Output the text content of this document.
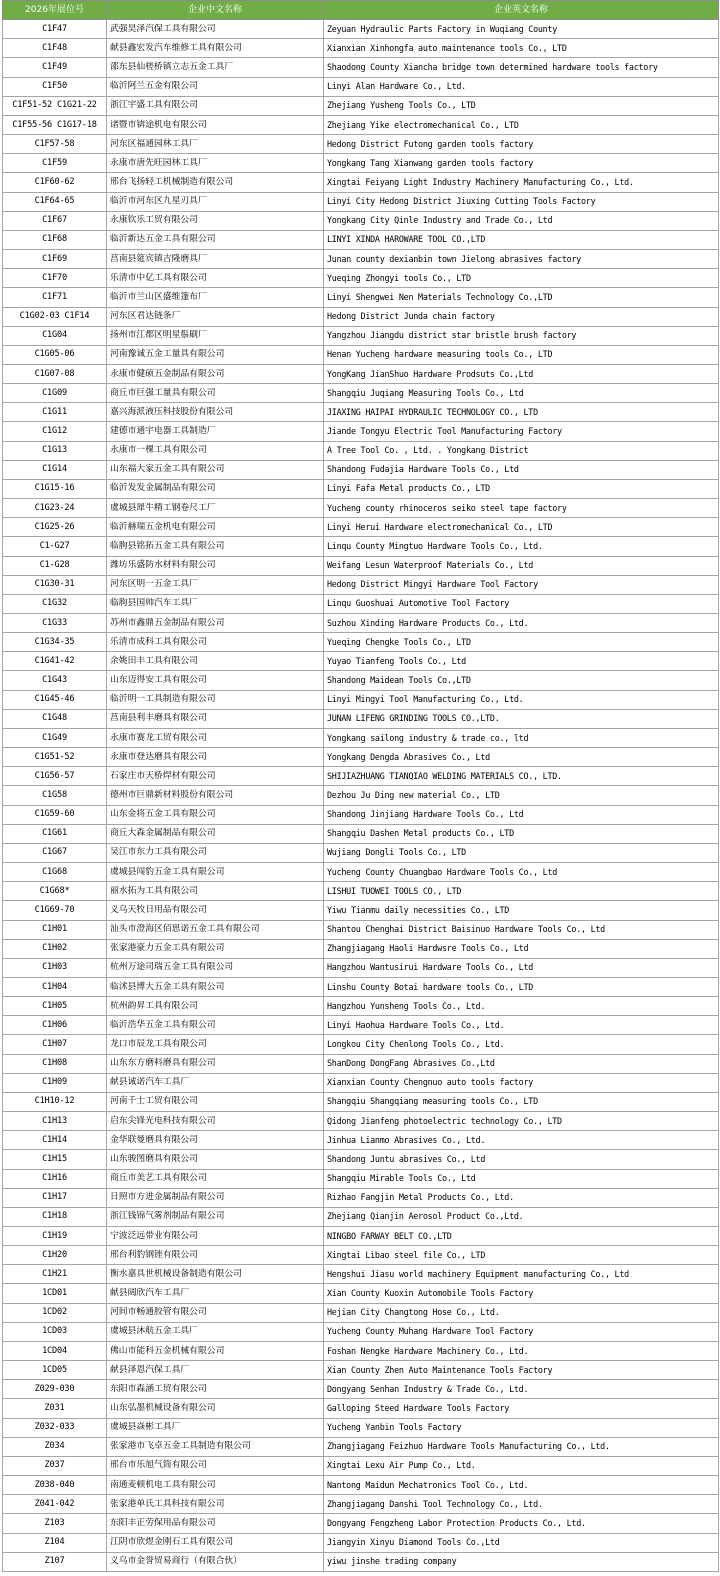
2026年展位号	企业中文名称	企业英文名称
C1F47	武强昊泽汽保工具有限公司	Zeyuan Hydraulic Parts Factory in Wuqiang County
C1F48	献县鑫宏发汽车维修工具有限公司	Xianxian Xinhongfa auto maintenance tools Co., LTD
C1F49	邵东县仙槎桥镇立志五金工具厂	Shaodong County Xiancha bridge town determined hardware tools factory
C1F50	临沂阿兰五金有限公司	Linyi Alan Hardware Co., Ltd.
C1F51-52 C1G21-22	浙江宇盛工具有限公司	Zhejiang Yusheng Tools Co., LTD
C1F55-56 C1G17-18	诸暨市锛途机电有限公司	Zhejiang Yike electromechanical Co., LTD
C1F57-58	河东区福通园林工具厂	Hedong District Futong garden tools factory
C1F59	永康市唐先旺园林工具厂	Yongkang Tang Xianwang garden tools factory
C1F60-62	邢台飞扬轻工机械制造有限公司	Xingtai Feiyang Light Industry Machinery Manufacturing Co., Ltd.
C1F64-65	临沂市河东区九星刃具厂	Linyi City Hedong District Jiuxing Cutting Tools Factory
C1F67	永康钦乐工贸有限公司	Yongkang City Qinle Industry and Trade Co., Ltd
C1F68	临沂新达五金工具有限公司	LINYI XINDA HAROWARE TOOL CO.,LTD
C1F69	莒南县筵宾镇吉隆磨具厂	Junan county dexianbin town Jielong abrasives factory
C1F70	乐清市中亿工具有限公司	Yueqing Zhongyi tools Co., LTD
C1F71	临沂市兰山区盛维篷布厂	Linyi Shengwei Nen Materials Technology Co.,LTD
C1G02-03 C1F14	河东区君达链条厂	Hedong District Junda chain factory
C1G04	扬州市江都区明星鬃刷厂	Yangzhou Jiangdu district star bristle brush factory
C1G05-06	河南豫诚五金工量具有限公司	Henan Yucheng hardware measuring tools Co., LTD
C1G07-08	永康市健硕五金制品有限公司	YongKang JianShuo Hardware Prodsuts Co.,Ltd
C1G09	商丘市巨强工量具有限公司	Shangqiu Juqiang Measuring Tools Co., Ltd
C1G11	嘉兴海派液压科技股份有限公司	JIAXING HAIPAI HYDRAULIC TECHNOLOGY CO., LTD
C1G12	建德市通宇电器工具制造厂	Jiande Tongyu Electric Tool Manufacturing Factory
C1G13	永康市一棵工具有限公司	A Tree Tool Co. , Ltd. . Yongkang District
C1G14	山东福大家五金工具有限公司	Shandong Fudajia Hardware Tools Co., Ltd
C1G15-16	临沂发发金属制品有限公司	Linyi Fafa Metal products Co., LTD
C1G23-24	虞城县犀牛精工钢卷尺工厂	Yucheng county rhinoceros seiko steel tape factory
C1G25-26	临沂赫瑞五金机电有限公司	Linyi Herui Hardware electromechanical Co., LTD
C1-G27	临朐县铭拓五金工具有限公司	Linqu County Mingtuo Hardware Tools Co., Ltd.
C1-G28	潍坊乐盛防水材料有限公司	Weifang Lesun Waterproof Materials Co., Ltd
C1G30-31	河东区明一五金工具厂	Hedong District Mingyi Hardware Tool Factory
C1G32	临朐县国帅汽车工具厂	Linqu Guoshuai Automotive Tool Factory
C1G33	苏州市鑫鼎五金制品有限公司	Suzhou Xinding Hardware Products Co., Ltd.
C1G34-35	乐清市成科工具有限公司	Yueqing Chengke Tools Co., LTD
C1G41-42	余姚田丰工具有限公司	Yuyao Tianfeng Tools Co., Ltd
C1G43	山东迈得安工具有限公司	Shandong Maidean Tools Co.,LTD
C1G45-46	临沂明一工具制造有限公司	Linyi Mingyi Tool Manufacturing Co., Ltd.
C1G48	莒南县利丰磨具有限公司	JUNAN LIFENG GRINDING TOOLS CO.,LTD.
C1G49	永康市赛龙工贸有限公司	Yongkang sailong industry & trade co., ltd
C1G51-52	永康市登达磨具有限公司	Yongkang Dengda Abrasives Co., Ltd
C1G56-57	石家庄市天桥焊材有限公司	SHIJIAZHUANG TIANQIAO WELDING MATERIALS CO., LTD.
C1G58	德州市巨鼎新材料股份有限公司	Dezhou Ju Ding new material Co., LTD
C1G59-60	山东金将五金工具有限公司	Shandong Jinjiang Hardware Tools Co., Ltd
C1G61	商丘大森金属制品有限公司	Shangqiu Dashen Metal products Co., LTD
C1G67	吴江市东力工具有限公司	Wujiang Dongli Tools Co., LTD
C1G68	虞城县闯豹五金工具有限公司	Yucheng County Chuangbao Hardware Tools Co., Ltd
C1G68*	丽水拓为工具有限公司	LISHUI TUOWEI TOOLS CO., LTD
C1G69-70	义乌天牧日用品有限公司	Yiwu Tianmu daily necessities Co., LTD
C1H01	汕头市澄海区佰思诺五金工具有限公司	Shantou Chenghai District Baisinuo Hardware Tools Co., Ltd
C1H02	张家港豪力五金工具有限公司	Zhangjiagang Haoli Hardwsre Tools Co., Ltd
C1H03	杭州万途司瑞五金工具有限公司	Hangzhou Wantusirui Hardware Tools Co., Ltd
C1H04	临沭县博大五金工具有限公司	Linshu County Botai hardware tools Co., LTD
C1H05	杭州韵昇工具有限公司	Hangzhou Yunsheng Tools Co., Ltd.
C1H06	临沂浩华五金工具有限公司	Linyi Haohua Hardware Tools Co., Ltd.
C1H07	龙口市辰龙工具有限公司	Longkou City Chenlong Tools Co., Ltd.
C1H08	山东东方磨料磨具有限公司	ShanDong DongFang Abrasives Co.,Ltd
C1H09	献县诚诺汽车工具厂	Xianxian County Chengnuo auto tools factory
C1H10-12	河南千士工贸有限公司	Shangqiu Shangqiang measuring tools Co., LTD
C1H13	启东尖锋光电科技有限公司	Qidong Jianfeng photoelectric technology Co., LTD
C1H14	金华联曼磨具有限公司	Jinhua Lianmo Abrasives Co., Ltd.
C1H15	山东骏图磨具有限公司	Shandong Juntu abrasives Co., Ltd
C1H16	商丘市美艺工具有限公司	Shangqiu Mirable Tools Co., Ltd
C1H17	日照市方进金属制品有限公司	Rizhao Fangjin Metal Products Co., Ltd.
C1H18	浙江钱锦气雾剂制品有限公司	Zhejiang Qianjin Aerosol Product Co.,Ltd.
C1H19	宁波泛远带业有限公司	NINGBO FARWAY BELT CO.,LTD
C1H20	邢台利豹钢锉有限公司	Xingtai Libao steel file Co., LTD
C1H21	衡水嘉具世机械设备制造有限公司	Hengshui Jiasu world machinery Equipment manufacturing Co., Ltd
1CD01	献县阔欣汽车工具厂	Xian County Kuoxin Automobile Tools Factory
1CD02	河间市畅通胶管有限公司	Hejian City Changtong Hose Co., Ltd.
1CD03	虞城县沐航五金工具厂	Yucheng County Muhang Hardware Tool Factory
1CD04	佛山市能科五金机械有限公司	Foshan Nengke Hardware Machinery Co., Ltd.
1CD05	献县泽恩汽保工具厂	Xian County Zhen Auto Maintenance Tools Factory
Z029-030	东阳市森涵工贸有限公司	Dongyang Senhan Industry & Trade Co., Ltd.
Z031	山东弘墨机械设备有限公司	Galloping Steed Hardware Tools Factory
Z032-033	虞城县焱彬工具厂	Yucheng Yanbin Tools Factory
Z034	张家港市飞卓五金工具制造有限公司	Zhangjiagang Feizhuo Hardware Tools Manufacturing Co., Ltd.
Z037	邢台市乐旭气筒有限公司	Xingtai Lexu Air Pump Co., Ltd.
Z038-040	南通麦顿机电工具有限公司	Nantong Maidun Mechatronics Tool Co., Ltd.
Z041-042	张家港单氏工具科技有限公司	Zhangjiagang Danshi Tool Technology Co., Ltd.
Z103	东阳丰正劳保用品有限公司	Dongyang Fengzheng Labor Protection Products Co., Ltd.
Z104	江阴市欣煜金刚石工具有限公司	Jiangyin Xinyu Diamond Tools Co.,Ltd
Z107	义乌市金誉贸易商行（有限合伙）	yiwu jinshe trading company
